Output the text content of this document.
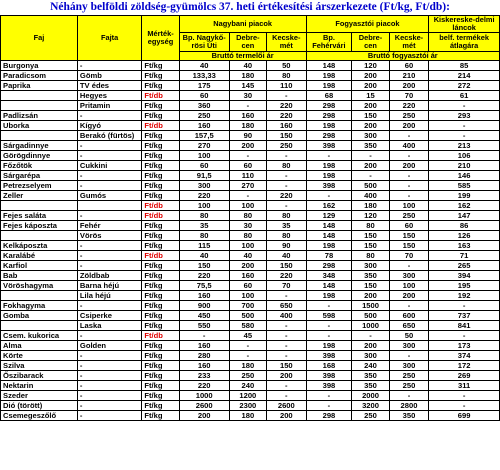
Néhány belföldi zöldség-gyümölcs 37. heti értékesítési árszerkezete (Ft/kg, Ft/db):
Faj	Fajta	Mérték-egység	Nagybani piacok			Fogyasztói piacok			Kiskereske-delmi láncok
			Bp. Nagykő-rösi Úti	Debre-cen	Kecske-mét	Bp. Fehérvári	Debre-cen	Kecske-mét	belf. termékek átlagára
			Bruttó termelői ár			Bruttó fogyasztói ár			
Burgonya	-	Ft/kg	40	40	50	148	120	60	85
Paradicsom	Gömb	Ft/kg	133,33	180	80	198	200	210	214
Paprika	TV édes	Ft/kg	175	145	110	198	200	200	272
	Hegyes	Ft/db	60	30	-	68	15	70	61
	Pritamin	Ft/kg	360	-	220	298	200	220	-
Padlizsán	-	Ft/kg	250	160	220	298	150	250	293
Uborka	Kígyó	Ft/db	160	180	160	198	200	200	-
	Berakó (fürtös)	Ft/kg	157,5	90	150	298	300	-	-
Sárgadinnye	-	Ft/kg	270	200	250	398	350	400	213
Görögdinnye	-	Ft/kg	100	-	-	-	-	-	106
Főzőtök	Cukkini	Ft/kg	60	60	80	198	200	200	210
Sárgarépa	-	Ft/kg	91,5	110	-	198	-	-	146
Petrezselyem	-	Ft/kg	300	270	-	398	500	-	585
Zeller	Gumós	Ft/kg	220	-	220	-	400	-	199
		Ft/db	100	100	-	162	180	100	162
Fejes saláta	-	Ft/db	80	80	80	129	120	250	147
Fejes káposzta	Fehér	Ft/kg	35	30	35	148	80	60	86
	Vörös	Ft/kg	80	80	80	148	150	150	126
Kelkáposzta	-	Ft/kg	115	100	90	198	150	150	163
Karalábé	-	Ft/db	40	40	40	78	80	70	71
Karfiol	-	Ft/kg	150	200	150	298	300	-	265
Bab	Zöldbab	Ft/kg	220	160	220	348	350	300	394
Vöröshagyma	Barna héjú	Ft/kg	75,5	60	70	148	150	100	195
	Lila héjú	Ft/kg	160	100	-	198	200	200	192
Fokhagyma	-	Ft/kg	900	700	650	-	1500	-	-
Gomba	Csiperke	Ft/kg	450	500	400	598	500	600	737
	Laska	Ft/kg	550	580	-	-	1000	650	841
Csem. kukorica	-	Ft/db	-	45	-	-	-	50	-
Alma	Golden	Ft/kg	160	-	-	198	200	300	173
Körte	-	Ft/kg	280	-	-	398	300	-	374
Szilva	-	Ft/kg	160	180	150	168	240	300	172
Őszibarack	-	Ft/kg	233	250	200	398	350	250	269
Nektarin	-	Ft/kg	220	240	-	398	350	250	311
Szeder	-	Ft/kg	1000	1200	-	-	2000	-	-
Dió (törött)	-	Ft/kg	2600	2300	2600	-	3200	2800	-
Csemegeszőlő	-	Ft/kg	200	180	200	298	250	350	699
